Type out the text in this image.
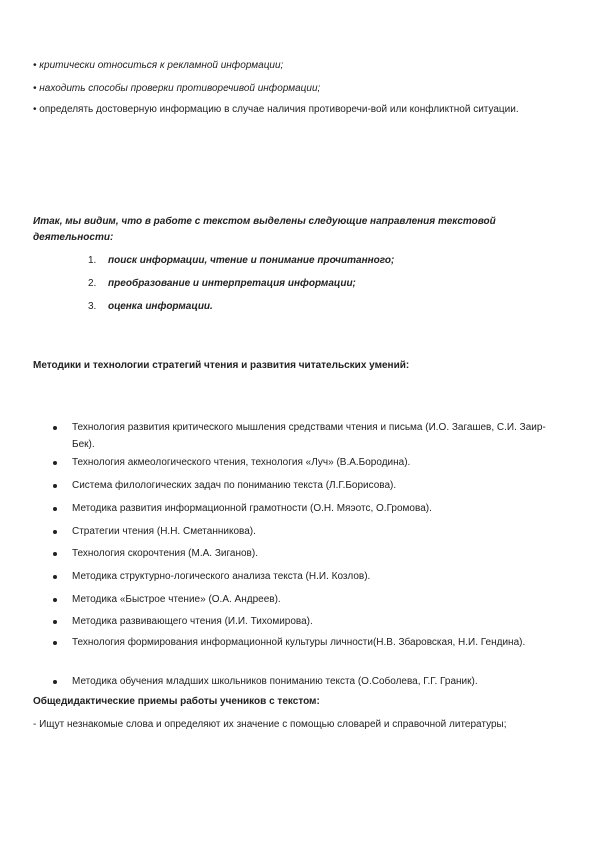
• критически относиться к рекламной информации;
• находить способы проверки противоречивой информации;
• определять достоверную информацию в случае наличия противоречи-вой или конфликтной ситуации.
Итак, мы видим, что в работе с текстом выделены следующие направления текстовой деятельности:
1.	поиск информации, чтение и понимание прочитанного;
2.	преобразование и интерпретация информации;
3.	оценка информации.
Методики и технологии стратегий чтения и развития читательских умений:
Технология развития критического мышления средствами чтения и письма (И.О. Загашев, С.И. Заир-Бек).
Технология акмеологического чтения, технология «Луч» (В.А.Бородина).
Система филологических задач по пониманию текста (Л.Г.Борисова).
Методика развития информационной грамотности (О.Н. Мяэотс, О.Громова).
Стратегии чтения (Н.Н. Сметанникова).
Технология скорочтения (М.А. Зиганов).
Методика структурно-логического анализа текста (Н.И. Козлов).
Методика «Быстрое чтение» (О.А. Андреев).
Методика развивающего чтения (И.И. Тихомирова).
Технология формирования информационной культуры личности(Н.В. Збаровская, Н.И. Гендина).
Методика обучения младших школьников пониманию текста (О.Соболева, Г.Г. Граник).
Общедидактические приемы работы учеников с текстом:
- Ищут незнакомые слова и определяют их значение с помощью словарей и справочной литературы;
